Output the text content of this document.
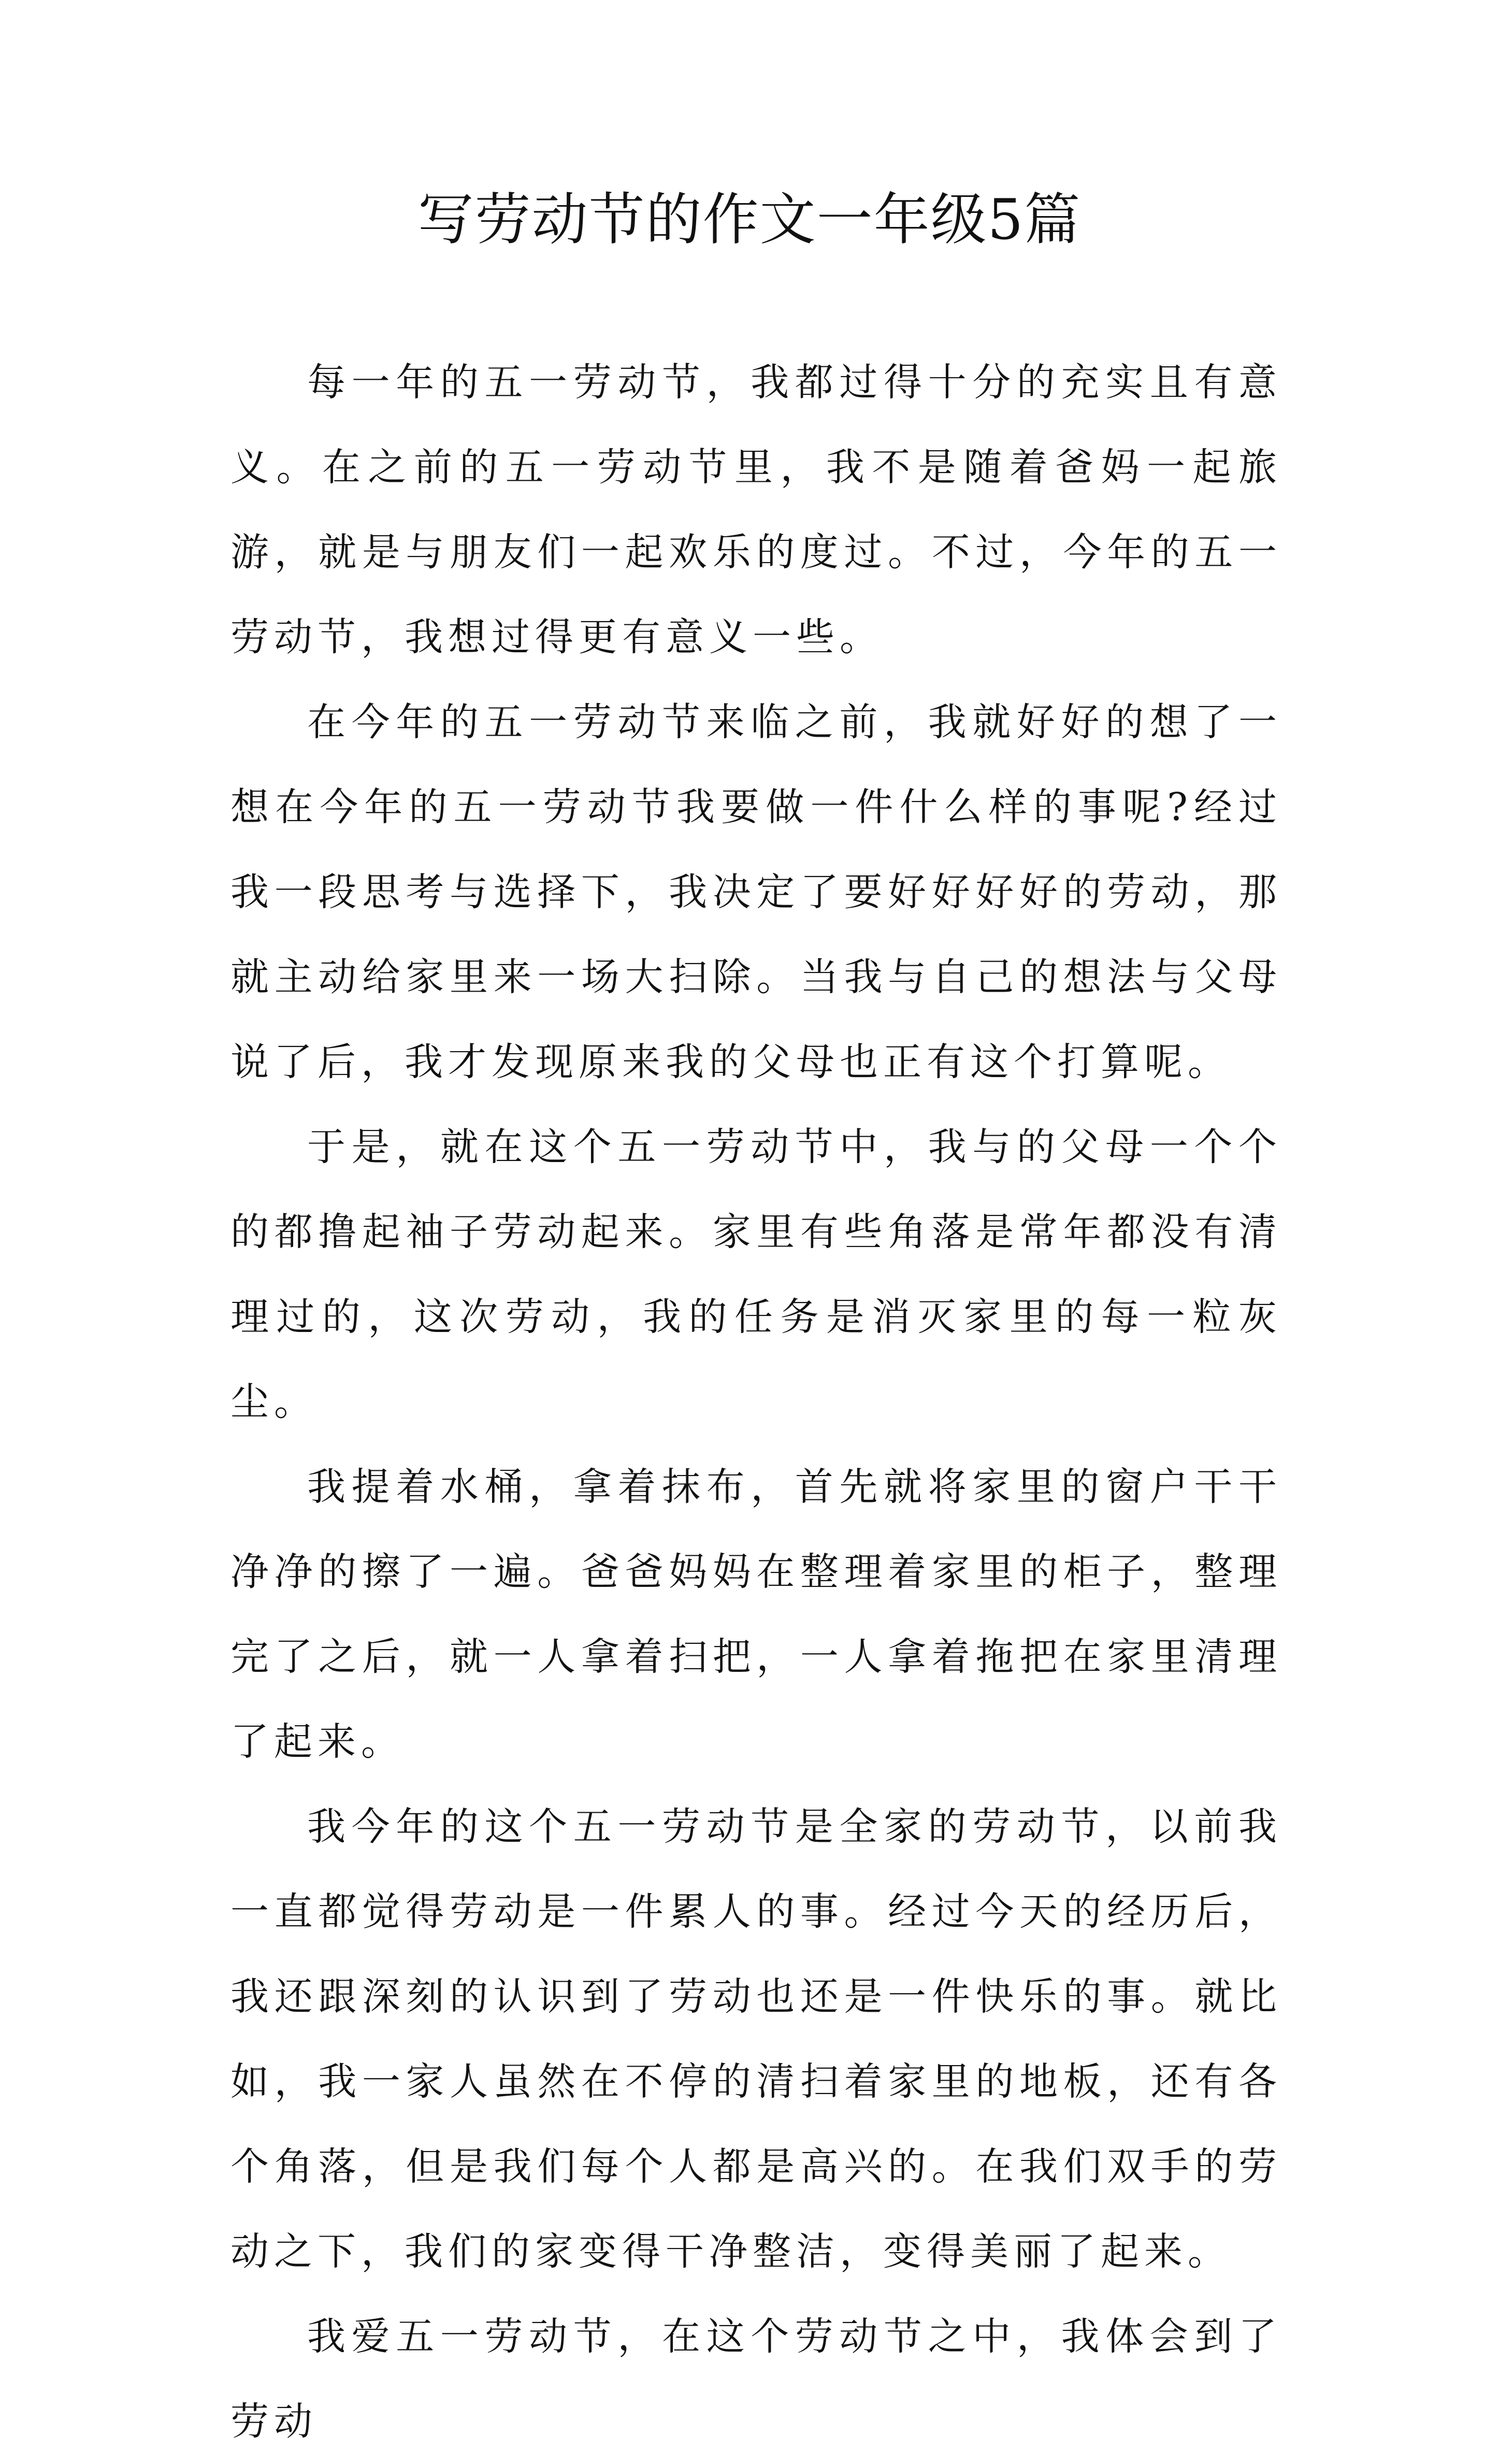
写劳动节的作文一年级5篇

每一年的五一劳动节，我都过得十分的充实且有意义。在之前的五一劳动节里，我不是随着爸妈一起旅游，就是与朋友们一起欢乐的度过。不过，今年的五一劳动节，我想过得更有意义一些。

在今年的五一劳动节来临之前，我就好好的想了一想在今年的五一劳动节我要做一件什么样的事呢?经过我一段思考与选择下，我决定了要好好好好的劳动，那就主动给家里来一场大扫除。当我与自己的想法与父母说了后，我才发现原来我的父母也正有这个打算呢。

于是，就在这个五一劳动节中，我与的父母一个个的都撸起袖子劳动起来。家里有些角落是常年都没有清理过的，这次劳动，我的任务是消灭家里的每一粒灰尘。

我提着水桶，拿着抹布，首先就将家里的窗户干干净净的擦了一遍。爸爸妈妈在整理着家里的柜子，整理完了之后，就一人拿着扫把，一人拿着拖把在家里清理了起来。

我今年的这个五一劳动节是全家的劳动节，以前我一直都觉得劳动是一件累人的事。经过今天的经历后，我还跟深刻的认识到了劳动也还是一件快乐的事。就比如，我一家人虽然在不停的清扫着家里的地板，还有各个角落，但是我们每个人都是高兴的。在我们双手的劳动之下，我们的家变得干净整洁，变得美丽了起来。

我爱五一劳动节，在这个劳动节之中，我体会到了劳动
